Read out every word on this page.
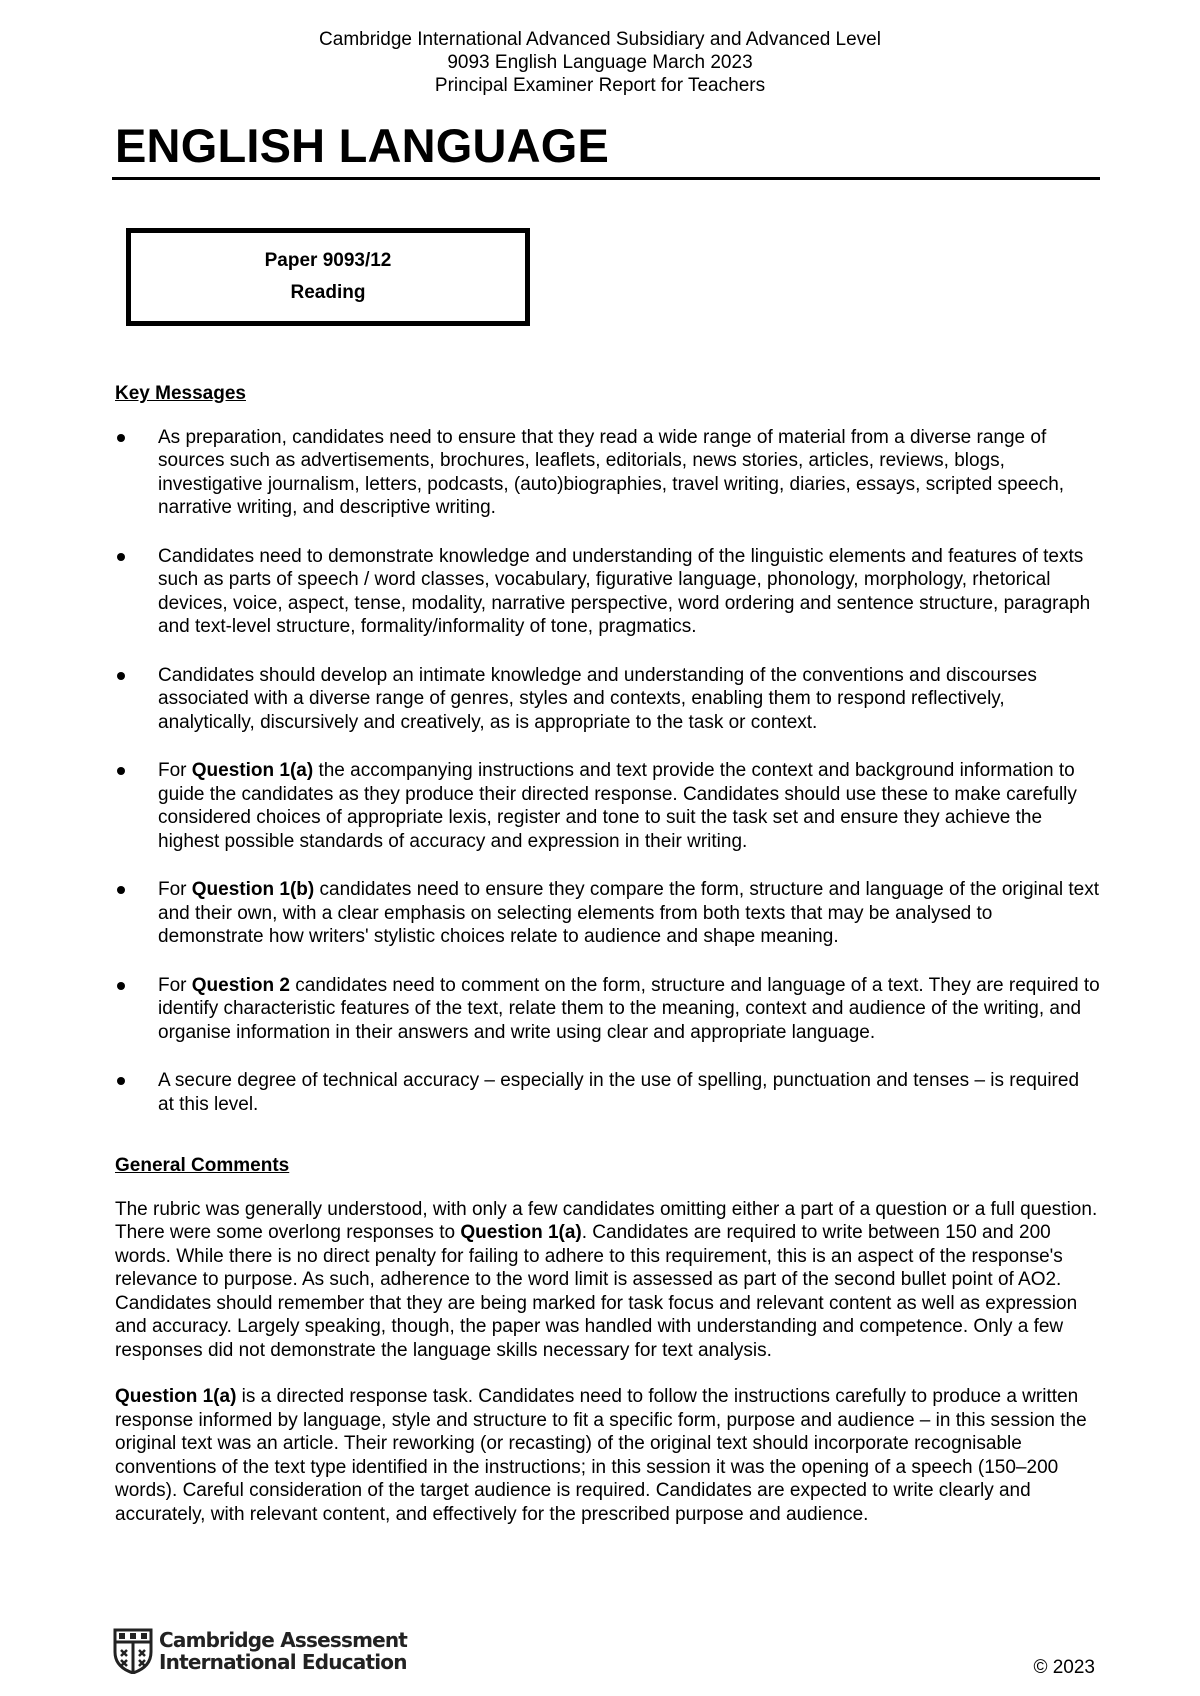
Cambridge International Advanced Subsidiary and Advanced Level
9093 English Language March 2023
Principal Examiner Report for Teachers
ENGLISH LANGUAGE
Paper 9093/12
Reading
Key Messages
As preparation, candidates need to ensure that they read a wide range of material from a diverse range of sources such as advertisements, brochures, leaflets, editorials, news stories, articles, reviews, blogs, investigative journalism, letters, podcasts, (auto)biographies, travel writing, diaries, essays, scripted speech, narrative writing, and descriptive writing.
Candidates need to demonstrate knowledge and understanding of the linguistic elements and features of texts such as parts of speech / word classes, vocabulary, figurative language, phonology, morphology, rhetorical devices, voice, aspect, tense, modality, narrative perspective, word ordering and sentence structure, paragraph and text-level structure, formality/informality of tone, pragmatics.
Candidates should develop an intimate knowledge and understanding of the conventions and discourses associated with a diverse range of genres, styles and contexts, enabling them to respond reflectively, analytically, discursively and creatively, as is appropriate to the task or context.
For Question 1(a) the accompanying instructions and text provide the context and background information to guide the candidates as they produce their directed response. Candidates should use these to make carefully considered choices of appropriate lexis, register and tone to suit the task set and ensure they achieve the highest possible standards of accuracy and expression in their writing.
For Question 1(b) candidates need to ensure they compare the form, structure and language of the original text and their own, with a clear emphasis on selecting elements from both texts that may be analysed to demonstrate how writers' stylistic choices relate to audience and shape meaning.
For Question 2 candidates need to comment on the form, structure and language of a text. They are required to identify characteristic features of the text, relate them to the meaning, context and audience of the writing, and organise information in their answers and write using clear and appropriate language.
A secure degree of technical accuracy – especially in the use of spelling, punctuation and tenses – is required at this level.
General Comments

The rubric was generally understood, with only a few candidates omitting either a part of a question or a full question. There were some overlong responses to Question 1(a). Candidates are required to write between 150 and 200 words. While there is no direct penalty for failing to adhere to this requirement, this is an aspect of the response's relevance to purpose. As such, adherence to the word limit is assessed as part of the second bullet point of AO2. Candidates should remember that they are being marked for task focus and relevant content as well as expression and accuracy. Largely speaking, though, the paper was handled with understanding and competence. Only a few responses did not demonstrate the language skills necessary for text analysis.

Question 1(a) is a directed response task. Candidates need to follow the instructions carefully to produce a written response informed by language, style and structure to fit a specific form, purpose and audience – in this session the original text was an article. Their reworking (or recasting) of the original text should incorporate recognisable conventions of the text type identified in the instructions; in this session it was the opening of a speech (150–200 words). Careful consideration of the target audience is required. Candidates are expected to write clearly and accurately, with relevant content, and effectively for the prescribed purpose and audience.

Cambridge Assessment
International Education	© 2023
